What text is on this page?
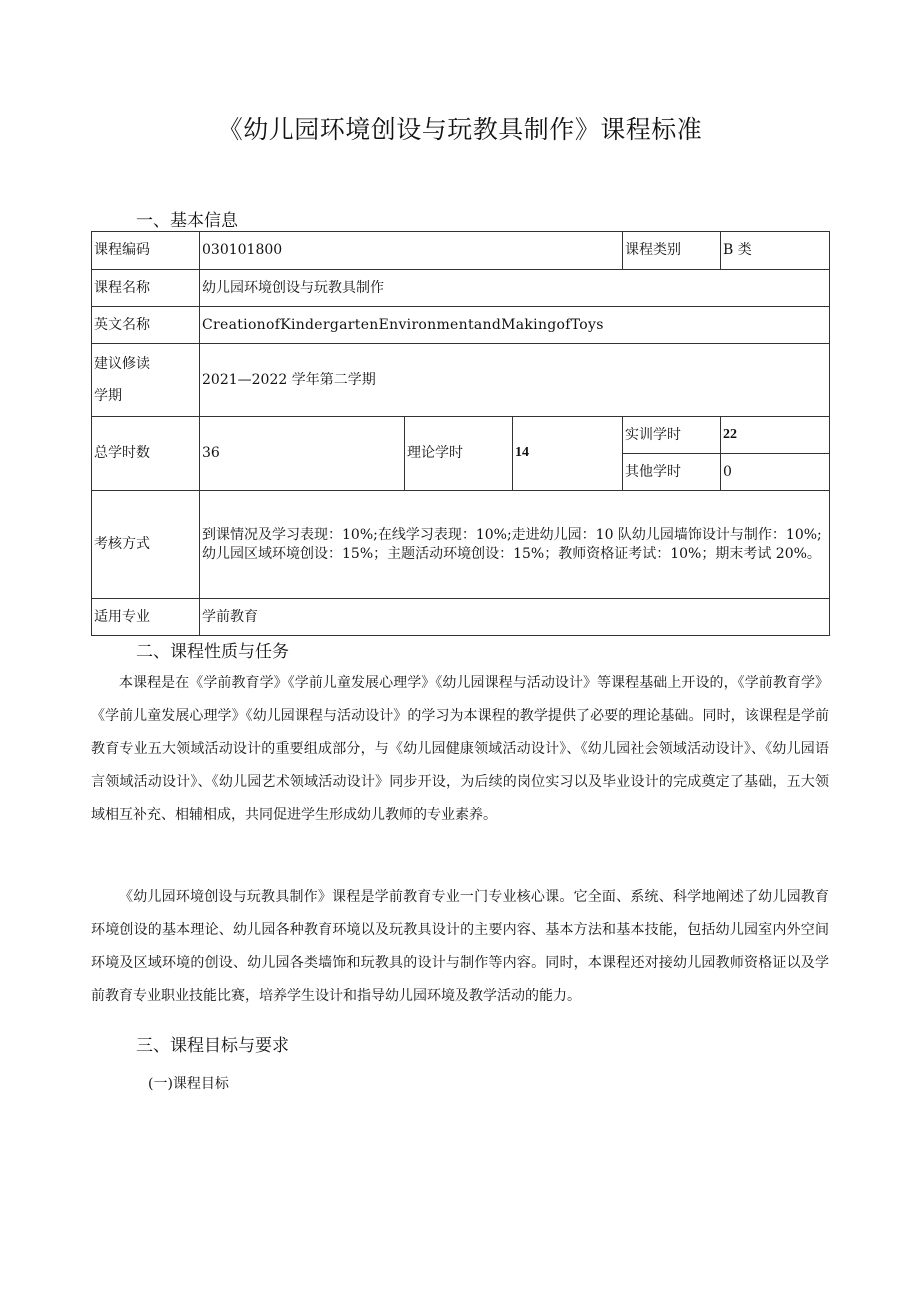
《幼儿园环境创设与玩教具制作》课程标准
一、基本信息
课程编码	030101800			课程类别	B 类
课程名称	幼儿园环境创设与玩教具制作				
英文名称	CreationofKindergartenEnvironmentandMakingofToys				

建议修读
学期	2021—2022 学年第二学期				
总学时数	36	理论学时	14	实训学时	22
				其他学时	0
考核方式	到课情况及学习表现：10%;在线学习表现：10%;走进幼儿园：10 队幼儿园墙饰设计与制作：10%;幼儿园区域环境创设：15%；主题活动环境创设：15%；教师资格证考试：10%；期末考试 20%。				
适用专业	学前教育				
二、课程性质与任务
本课程是在《学前教育学》《学前儿童发展心理学》《幼儿园课程与活动设计》等课程基础上开设的，《学前教育学》《学前儿童发展心理学》《幼儿园课程与活动设计》的学习为本课程的教学提供了必要的理论基础。同时，该课程是学前教育专业五大领域活动设计的重要组成部分，与《幼儿园健康领域活动设计》、《幼儿园社会领域活动设计》、《幼儿园语言领域活动设计》、《幼儿园艺术领域活动设计》同步开设，为后续的岗位实习以及毕业设计的完成奠定了基础，五大领域相互补充、相辅相成，共同促进学生形成幼儿教师的专业素养。
《幼儿园环境创设与玩教具制作》课程是学前教育专业一门专业核心课。它全面、系统、科学地阐述了幼儿园教育环境创设的基本理论、幼儿园各种教育环境以及玩教具设计的主要内容、基本方法和基本技能，包括幼儿园室内外空间环境及区域环境的创设、幼儿园各类墙饰和玩教具的设计与制作等内容。同时，本课程还对接幼儿园教师资格证以及学前教育专业职业技能比赛，培养学生设计和指导幼儿园环境及教学活动的能力。
三、课程目标与要求
(一)课程目标
